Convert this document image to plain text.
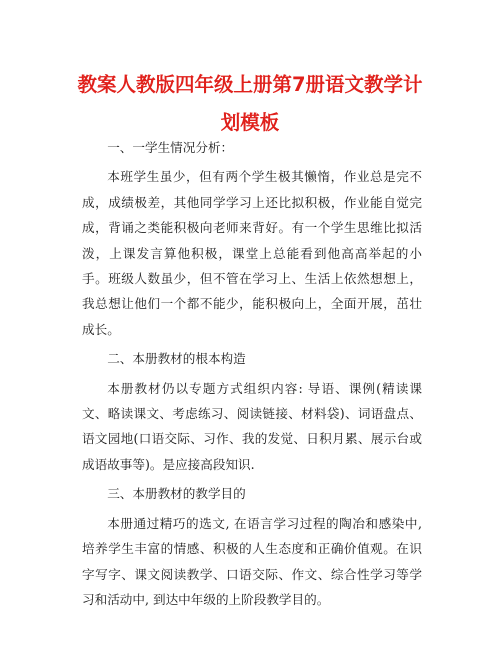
教案人教版四年级上册第7册语文教学计
划模板

一、一学生情况分析：

本班学生虽少，但有两个学生极其懒惰，作业总是完不成，成绩极差，其他同学学习上还比拟积极，作业能自觉完成，背诵之类能积极向老师来背好。有一个学生思维比拟活泼，上课发言算他积极，课堂上总能看到他高高举起的小手。班级人数虽少，但不管在学习上、生活上依然想想上，我总想让他们一个都不能少，能积极向上，全面开展，茁壮成长。

二、本册教材的根本构造

本册教材仍以专题方式组织内容: 导语、课例(精读课文、略读课文、考虑练习、阅读链接、材料袋)、词语盘点、语文园地(口语交际、习作、我的发觉、日积月累、展示台或成语故事等)。是应接高段知识.

三、本册教材的教学目的

本册通过精巧的选文, 在语言学习过程的陶冶和感染中, 培养学生丰富的情感、积极的人生态度和正确价值观。在识字写字、课文阅读教学、口语交际、作文、综合性学习等学习和活动中, 到达中年级的上阶段教学目的。
